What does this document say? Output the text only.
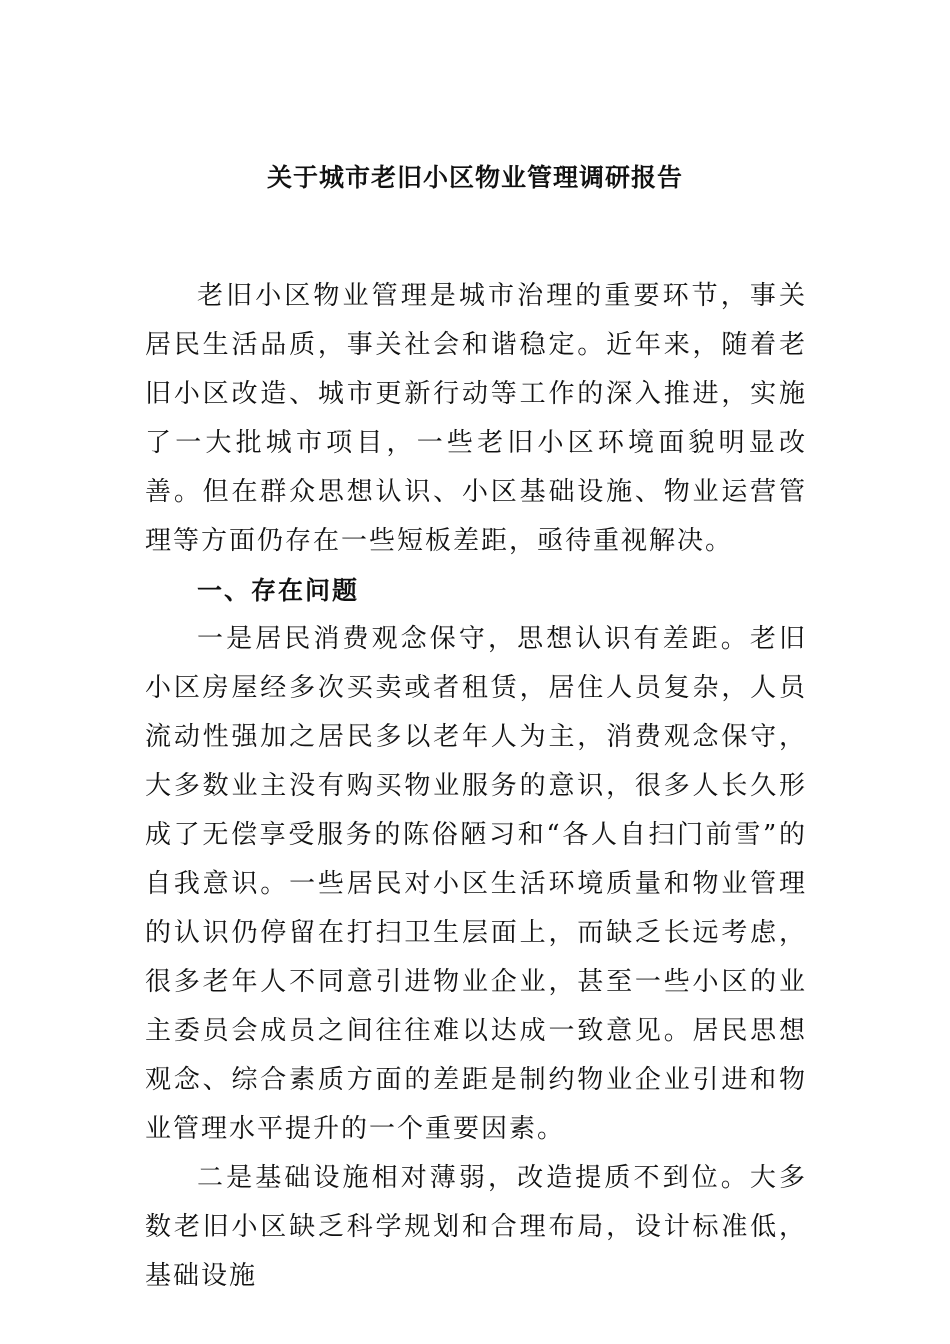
关于城市老旧小区物业管理调研报告

老旧小区物业管理是城市治理的重要环节，事关居民生活品质，事关社会和谐稳定。近年来，随着老旧小区改造、城市更新行动等工作的深入推进，实施了一大批城市项目，一些老旧小区环境面貌明显改善。但在群众思想认识、小区基础设施、物业运营管理等方面仍存在一些短板差距，亟待重视解决。

一、存在问题

一是居民消费观念保守，思想认识有差距。老旧小区房屋经多次买卖或者租赁，居住人员复杂，人员流动性强加之居民多以老年人为主，消费观念保守，大多数业主没有购买物业服务的意识，很多人长久形成了无偿享受服务的陈俗陋习和“各人自扫门前雪”的自我意识。一些居民对小区生活环境质量和物业管理的认识仍停留在打扫卫生层面上，而缺乏长远考虑，很多老年人不同意引进物业企业，甚至一些小区的业主委员会成员之间往往难以达成一致意见。居民思想观念、综合素质方面的差距是制约物业企业引进和物业管理水平提升的一个重要因素。

二是基础设施相对薄弱，改造提质不到位。大多数老旧小区缺乏科学规划和合理布局，设计标准低，基础设施
